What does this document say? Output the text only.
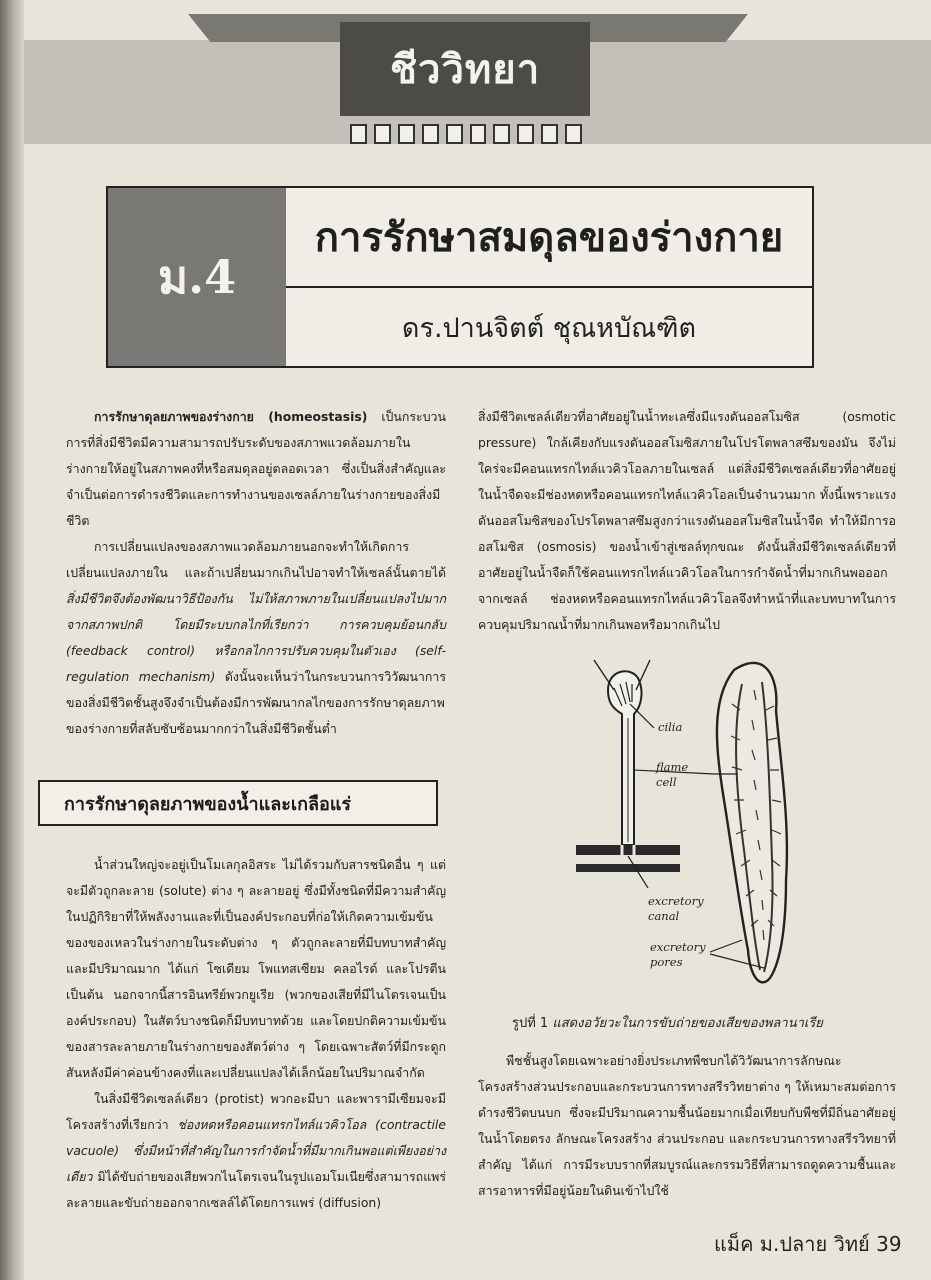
ชีววิทยา
ม.4
การรักษาสมดุลของร่างกาย
ดร.ปานจิตต์ ชุณหบัณฑิต

การรักษาดุลยภาพของร่างกาย (homeostasis) เป็นกระบวนการที่สิ่งมีชีวิตมีความสามารถปรับระดับของสภาพแวดล้อมภายในร่างกายให้อยู่ในสภาพคงที่หรือสมดุลอยู่ตลอดเวลา ซึ่งเป็นสิ่งสำคัญและจำเป็นต่อการดำรงชีวิตและการทำงานของเซลล์ภายในร่างกายของสิ่งมีชีวิต

การเปลี่ยนแปลงของสภาพแวดล้อมภายนอกจะทำให้เกิดการเปลี่ยนแปลงภายใน และถ้าเปลี่ยนมากเกินไปอาจทำให้เซลล์นั้นตายได้ สิ่งมีชีวิตจึงต้องพัฒนาวิธีป้องกัน ไม่ให้สภาพภายในเปลี่ยนแปลงไปมากจากสภาพปกติ โดยมีระบบกลไกที่เรียกว่า การควบคุมย้อนกลับ (feedback control) หรือกลไกการปรับควบคุมในตัวเอง (self-regulation mechanism) ดังนั้นจะเห็นว่าในกระบวนการวิวัฒนาการของสิ่งมีชีวิตชั้นสูงจึงจำเป็นต้องมีการพัฒนากลไกของการรักษาดุลยภาพของร่างกายที่สลับซับซ้อนมากกว่าในสิ่งมีชีวิตชั้นต่ำ

การรักษาดุลยภาพของน้ำและเกลือแร่

น้ำส่วนใหญ่จะอยู่เป็นโมเลกุลอิสระ ไม่ได้รวมกับสารชนิดอื่น ๆ แต่จะมีตัวถูกละลาย (solute) ต่าง ๆ ละลายอยู่ ซึ่งมีทั้งชนิดที่มีความสำคัญในปฏิกิริยาที่ให้พลังงานและที่เป็นองค์ประกอบที่ก่อให้เกิดความเข้มข้นของของเหลวในร่างกายในระดับต่าง ๆ ตัวถูกละลายที่มีบทบาทสำคัญและมีปริมาณมาก ได้แก่ โซเดียม โพแทสเซียม คลอไรด์ และโปรตีน เป็นต้น นอกจากนี้สารอินทรีย์พวกยูเรีย (พวกของเสียที่มีไนโตรเจนเป็นองค์ประกอบ) ในสัตว์บางชนิดก็มีบทบาทด้วย และโดยปกติความเข้มข้นของสารละลายภายในร่างกายของสัตว์ต่าง ๆ โดยเฉพาะสัตว์ที่มีกระดูกสันหลังมีค่าค่อนข้างคงที่และเปลี่ยนแปลงได้เล็กน้อยในปริมาณจำกัด

ในสิ่งมีชีวิตเซลล์เดียว (protist) พวกอะมีบา และพารามีเซียมจะมีโครงสร้างที่เรียกว่า ช่องหดหรือคอนแทรกไทล์แวคิวโอล (contractile vacuole) ซึ่งมีหน้าที่สำคัญในการกำจัดน้ำที่มีมากเกินพอแต่เพียงอย่างเดียว มิได้ขับถ่ายของเสียพวกไนโตรเจนในรูปแอมโมเนียซึ่งสามารถแพร่ละลายและขับถ่ายออกจากเซลล์ได้โดยการแพร่ (diffusion)

สิ่งมีชีวิตเซลล์เดียวที่อาศัยอยู่ในน้ำทะเลซึ่งมีแรงดันออสโมซิส (osmotic pressure) ใกล้เคียงกับแรงดันออสโมซิสภายในโปรโตพลาสซึมของมัน จึงไม่ใคร่จะมีคอนแทรกไทล์แวคิวโอลภายในเซลล์ แต่สิ่งมีชีวิตเซลล์เดียวที่อาศัยอยู่ในน้ำจืดจะมีช่องหดหรือคอนแทรกไทล์แวคิวโอลเป็นจำนวนมาก ทั้งนี้เพราะแรงดันออสโมซิสของโปรโตพลาสซึมสูงกว่าแรงดันออสโมซิสในน้ำจืด ทำให้มีการออสโมซิส (osmosis) ของน้ำเข้าสู่เซลล์ทุกขณะ ดังนั้นสิ่งมีชีวิตเซลล์เดียวที่อาศัยอยู่ในน้ำจืดก็ใช้คอนแทรกไทล์แวคิวโอลในการกำจัดน้ำที่มากเกินพอออกจากเซลล์ ช่องหดหรือคอนแทรกไทล์แวคิวโอลจึงทำหน้าที่และบทบาทในการควบคุมปริมาณน้ำที่มากเกินพอหรือมากเกินไป

cilia
flame
cell
excretory
canal
excretory
pores
รูปที่ 1 แสดงอวัยวะในการขับถ่ายของเสียของพลานาเรีย

พืชชั้นสูงโดยเฉพาะอย่างยิ่งประเภทพืชบกได้วิวัฒนาการลักษณะโครงสร้างส่วนประกอบและกระบวนการทางสรีรวิทยาต่าง ๆ ให้เหมาะสมต่อการดำรงชีวิตบนบก ซึ่งจะมีปริมาณความชื้นน้อยมากเมื่อเทียบกับพืชที่มีถิ่นอาศัยอยู่ในน้ำโดยตรง ลักษณะโครงสร้าง ส่วนประกอบ และกระบวนการทางสรีรวิทยาที่สำคัญ ได้แก่ การมีระบบรากที่สมบูรณ์และกรรมวิธีที่สามารถดูดความชื้นและสารอาหารที่มีอยู่น้อยในดินเข้าไปใช้

แม็ค ม.ปลาย วิทย์ 39
